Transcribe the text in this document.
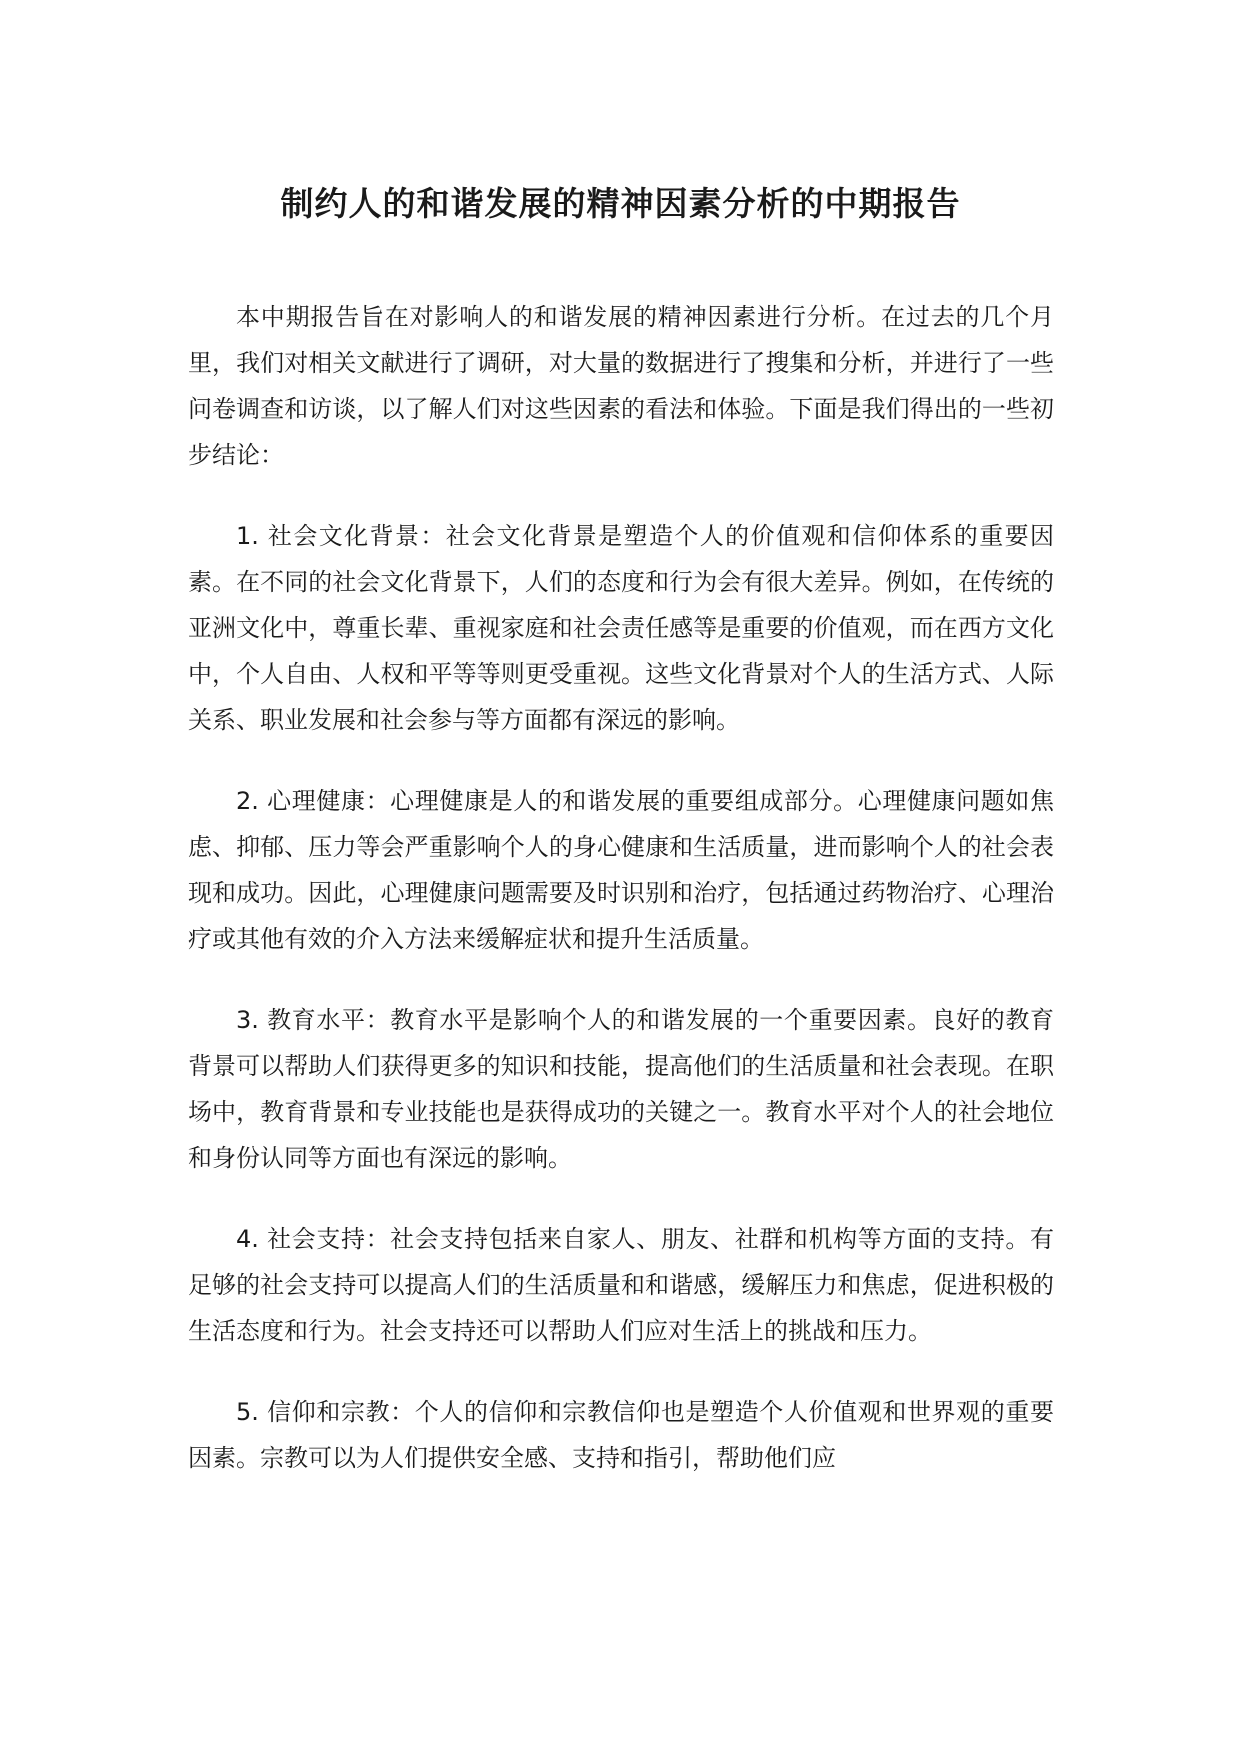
制约人的和谐发展的精神因素分析的中期报告

本中期报告旨在对影响人的和谐发展的精神因素进行分析。在过去的几个月里，我们对相关文献进行了调研，对大量的数据进行了搜集和分析，并进行了一些问卷调查和访谈，以了解人们对这些因素的看法和体验。下面是我们得出的一些初步结论：

1. 社会文化背景：社会文化背景是塑造个人的价值观和信仰体系的重要因素。在不同的社会文化背景下，人们的态度和行为会有很大差异。例如，在传统的亚洲文化中，尊重长辈、重视家庭和社会责任感等是重要的价值观，而在西方文化中，个人自由、人权和平等等则更受重视。这些文化背景对个人的生活方式、人际关系、职业发展和社会参与等方面都有深远的影响。

2. 心理健康：心理健康是人的和谐发展的重要组成部分。心理健康问题如焦虑、抑郁、压力等会严重影响个人的身心健康和生活质量，进而影响个人的社会表现和成功。因此，心理健康问题需要及时识别和治疗，包括通过药物治疗、心理治疗或其他有效的介入方法来缓解症状和提升生活质量。

3. 教育水平：教育水平是影响个人的和谐发展的一个重要因素。良好的教育背景可以帮助人们获得更多的知识和技能，提高他们的生活质量和社会表现。在职场中，教育背景和专业技能也是获得成功的关键之一。教育水平对个人的社会地位和身份认同等方面也有深远的影响。

4. 社会支持：社会支持包括来自家人、朋友、社群和机构等方面的支持。有足够的社会支持可以提高人们的生活质量和和谐感，缓解压力和焦虑，促进积极的生活态度和行为。社会支持还可以帮助人们应对生活上的挑战和压力。

5. 信仰和宗教：个人的信仰和宗教信仰也是塑造个人价值观和世界观的重要因素。宗教可以为人们提供安全感、支持和指引，帮助他们应
